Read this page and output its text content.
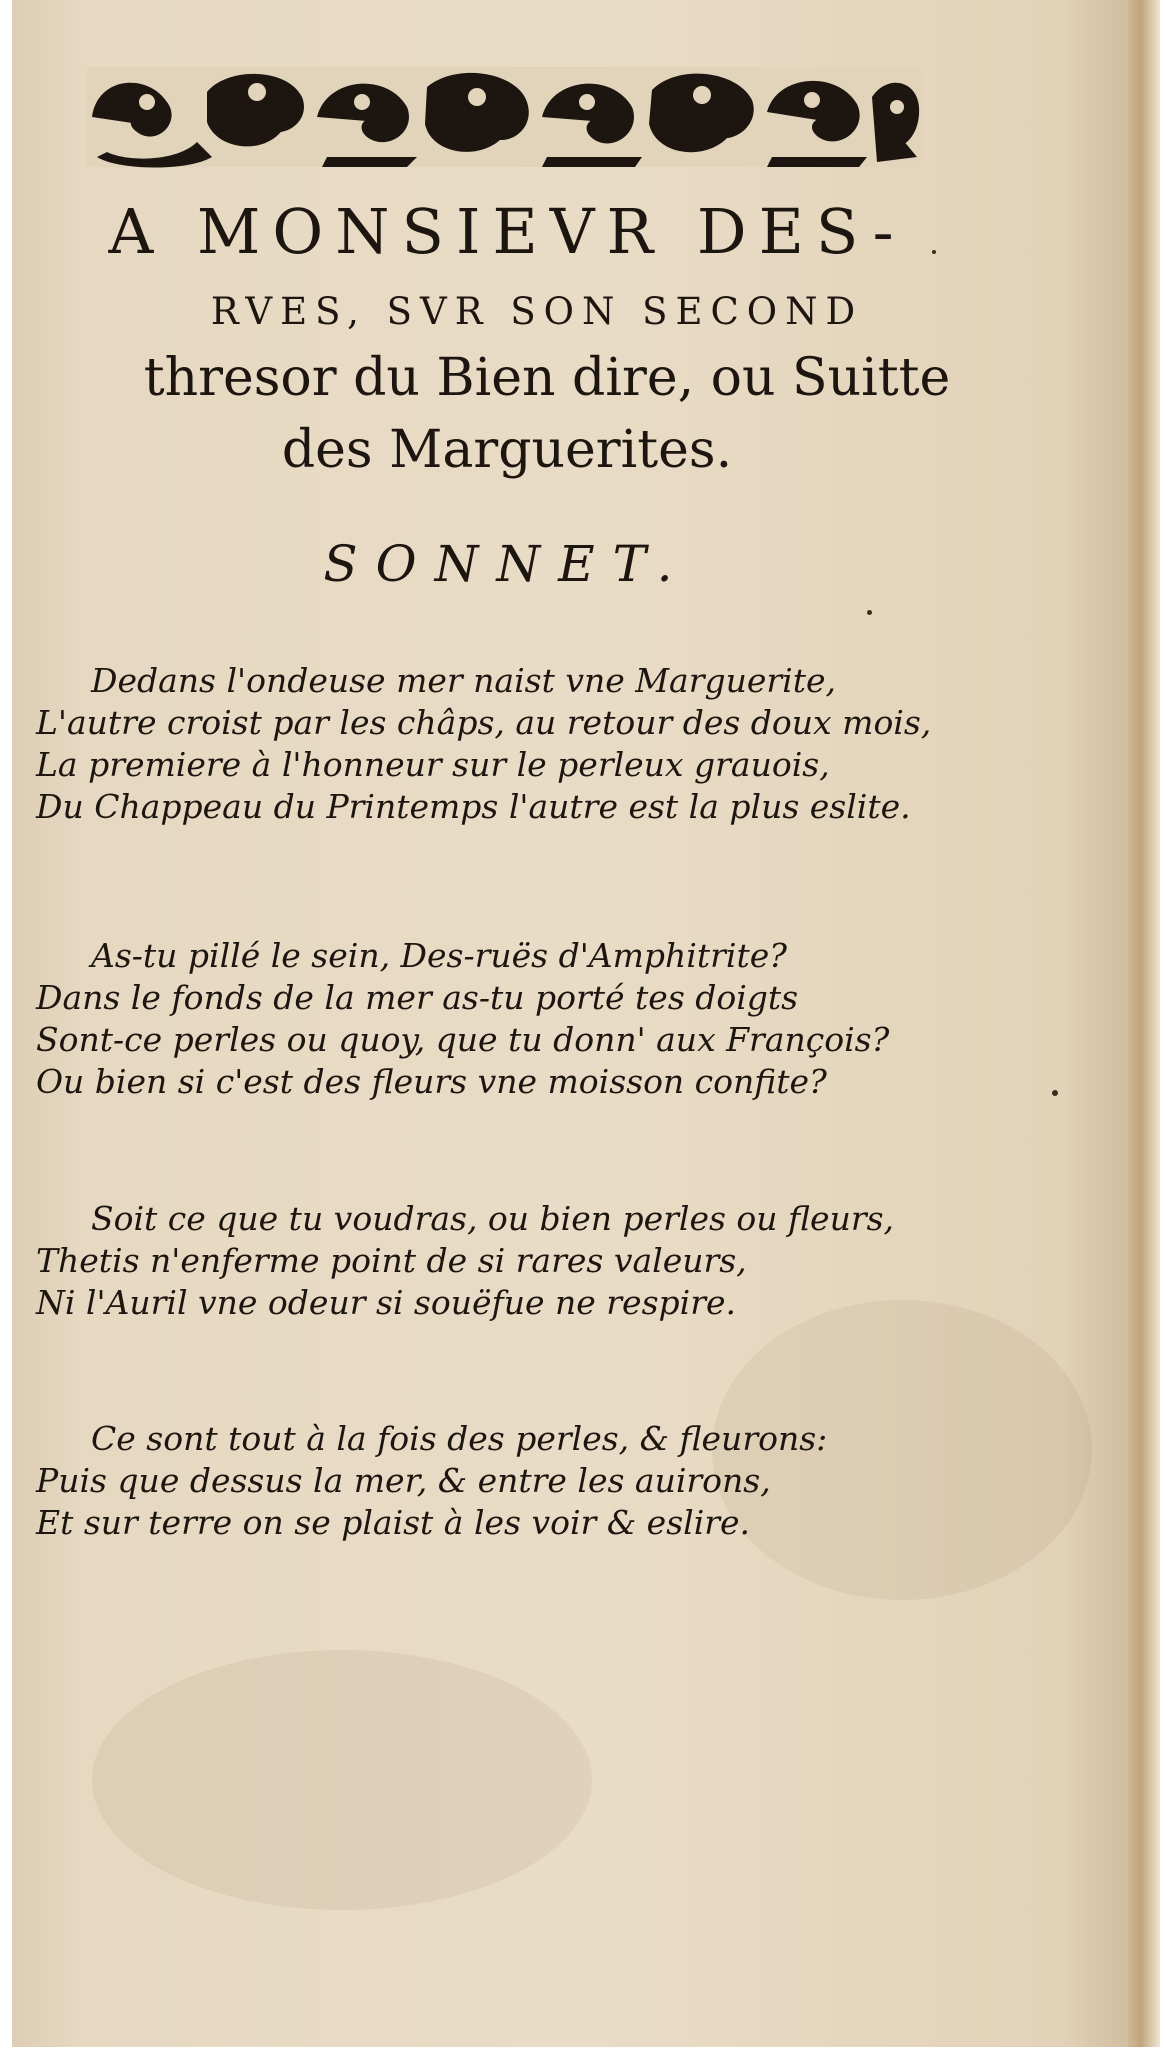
A MONSIEVR DES-
RVES, SVR SON SECOND
thresor du Bien dire, ou Suitte
des Marguerites.
SONNET.
Dedans l'ondeuse mer naist vne Marguerite,
L'autre croist par les châps, au retour des doux mois,
La premiere à l'honneur sur le perleux grauois,
Du Chappeau du Printemps l'autre est la plus eslite.
As-tu pillé le sein, Des-ruës d'Amphitrite?
Dans le fonds de la mer as-tu porté tes doigts
Sont-ce perles ou quoy, que tu donn' aux François?
Ou bien si c'est des fleurs vne moisson confite?
Soit ce que tu voudras, ou bien perles ou fleurs,
Thetis n'enferme point de si rares valeurs,
Ni l'Auril vne odeur si souëfue ne respire.
Ce sont tout à la fois des perles, & fleurons:
Puis que dessus la mer, & entre les auirons,
Et sur terre on se plaist à les voir & eslire.
